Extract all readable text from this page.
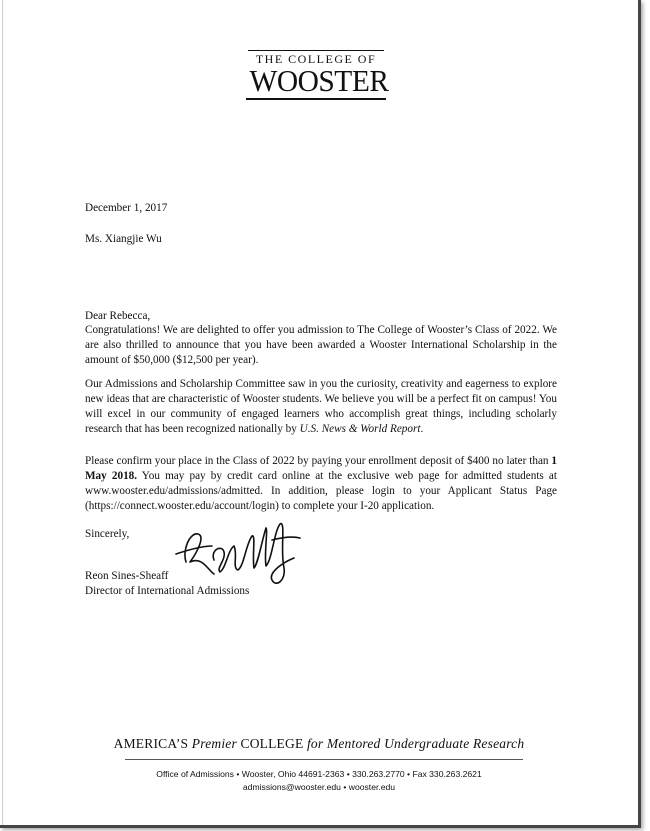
THE COLLEGE OF
WOOSTER
December 1, 2017
Ms. Xiangjie Wu
Dear Rebecca,
Congratulations! We are delighted to offer you admission to The College of Wooster’s Class of 2022. We are also thrilled to announce that you have been awarded a Wooster International Scholarship in the amount of $50,000 ($12,500 per year).
Our Admissions and Scholarship Committee saw in you the curiosity, creativity and eagerness to explore new ideas that are characteristic of Wooster students. We believe you will be a perfect fit on campus! You will excel in our community of engaged learners who accomplish great things, including scholarly research that has been recognized nationally by U.S. News & World Report.
Please confirm your place in the Class of 2022 by paying your enrollment deposit of $400 no later than 1 May 2018. You may pay by credit card online at the exclusive web page for admitted students at www.wooster.edu/admissions/admitted. In addition, please login to your Applicant Status Page (https://connect.wooster.edu/account/login) to complete your I-20 application.
Sincerely,
Reon Sines-Sheaff
Director of International Admissions
AMERICA’S Premier COLLEGE for Mentored Undergraduate Research
Office of Admissions • Wooster, Ohio 44691-2363 • 330.263.2770 • Fax 330.263.2621
admissions@wooster.edu • wooster.edu
